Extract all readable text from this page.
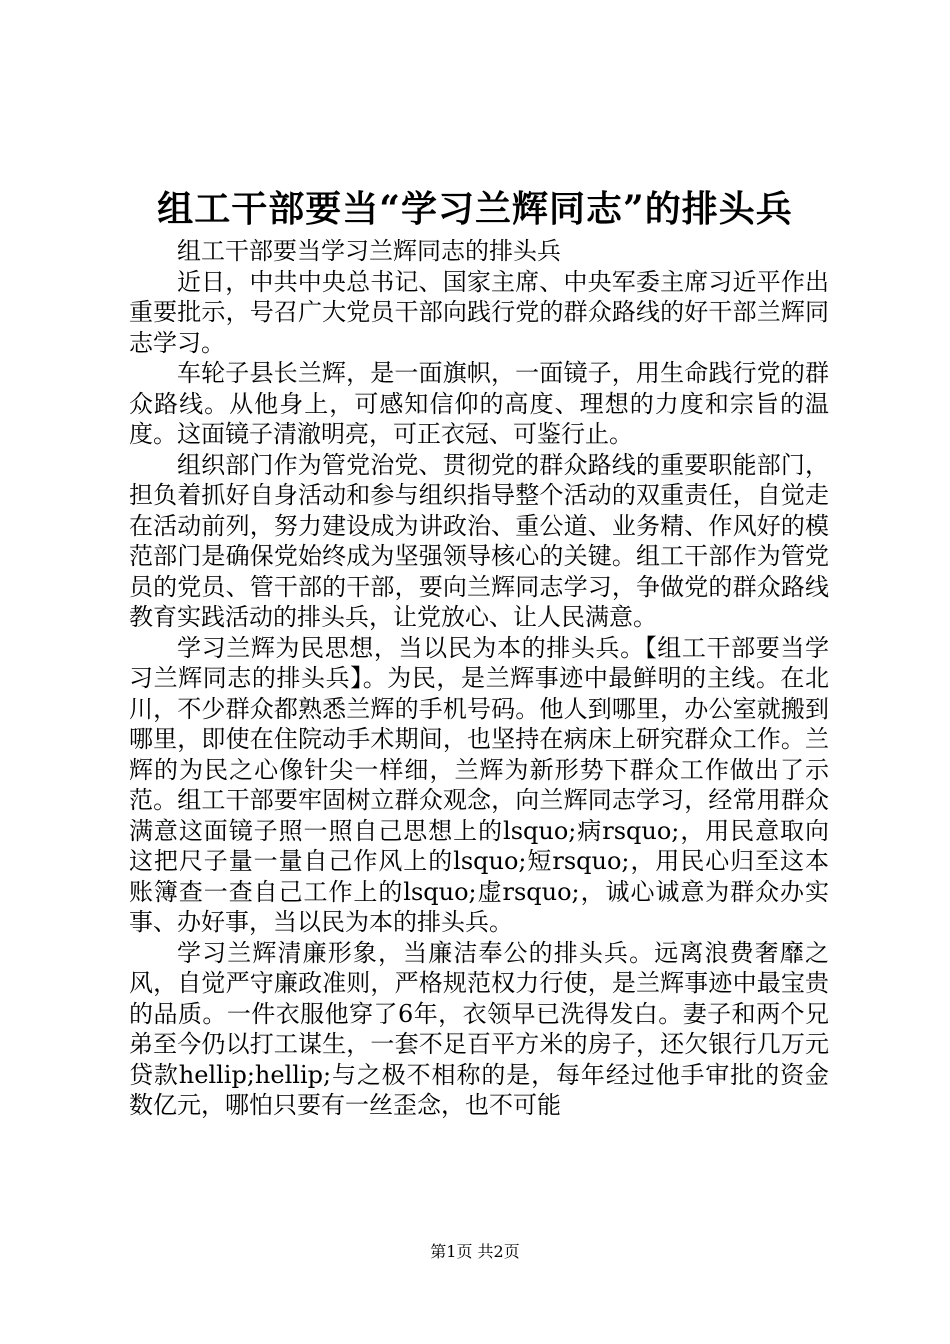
组工干部要当“学习兰辉同志”的排头兵

组工干部要当学习兰辉同志的排头兵

近日，中共中央总书记、国家主席、中央军委主席习近平作出重要批示，号召广大党员干部向践行党的群众路线的好干部兰辉同志学习。

车轮子县长兰辉，是一面旗帜，一面镜子，用生命践行党的群众路线。从他身上，可感知信仰的高度、理想的力度和宗旨的温度。这面镜子清澈明亮，可正衣冠、可鉴行止。

组织部门作为管党治党、贯彻党的群众路线的重要职能部门，担负着抓好自身活动和参与组织指导整个活动的双重责任，自觉走在活动前列，努力建设成为讲政治、重公道、业务精、作风好的模范部门是确保党始终成为坚强领导核心的关键。组工干部作为管党员的党员、管干部的干部，要向兰辉同志学习，争做党的群众路线教育实践活动的排头兵，让党放心、让人民满意。

学习兰辉为民思想，当以民为本的排头兵。【组工干部要当学习兰辉同志的排头兵】。为民，是兰辉事迹中最鲜明的主线。在北川，不少群众都熟悉兰辉的手机号码。他人到哪里，办公室就搬到哪里，即使在住院动手术期间，也坚持在病床上研究群众工作。兰辉的为民之心像针尖一样细，兰辉为新形势下群众工作做出了示范。组工干部要牢固树立群众观念，向兰辉同志学习，经常用群众满意这面镜子照一照自己思想上的lsquo;病rsquo;，用民意取向这把尺子量一量自己作风上的lsquo;短rsquo;，用民心归至这本账簿查一查自己工作上的lsquo;虚rsquo;，诚心诚意为群众办实事、办好事，当以民为本的排头兵。

学习兰辉清廉形象，当廉洁奉公的排头兵。远离浪费奢靡之风，自觉严守廉政准则，严格规范权力行使，是兰辉事迹中最宝贵的品质。一件衣服他穿了6年，衣领早已洗得发白。妻子和两个兄弟至今仍以打工谋生，一套不足百平方米的房子，还欠银行几万元贷款hellip;hellip;与之极不相称的是，每年经过他手审批的资金数亿元，哪怕只要有一丝歪念，也不可能

第1页 共2页
